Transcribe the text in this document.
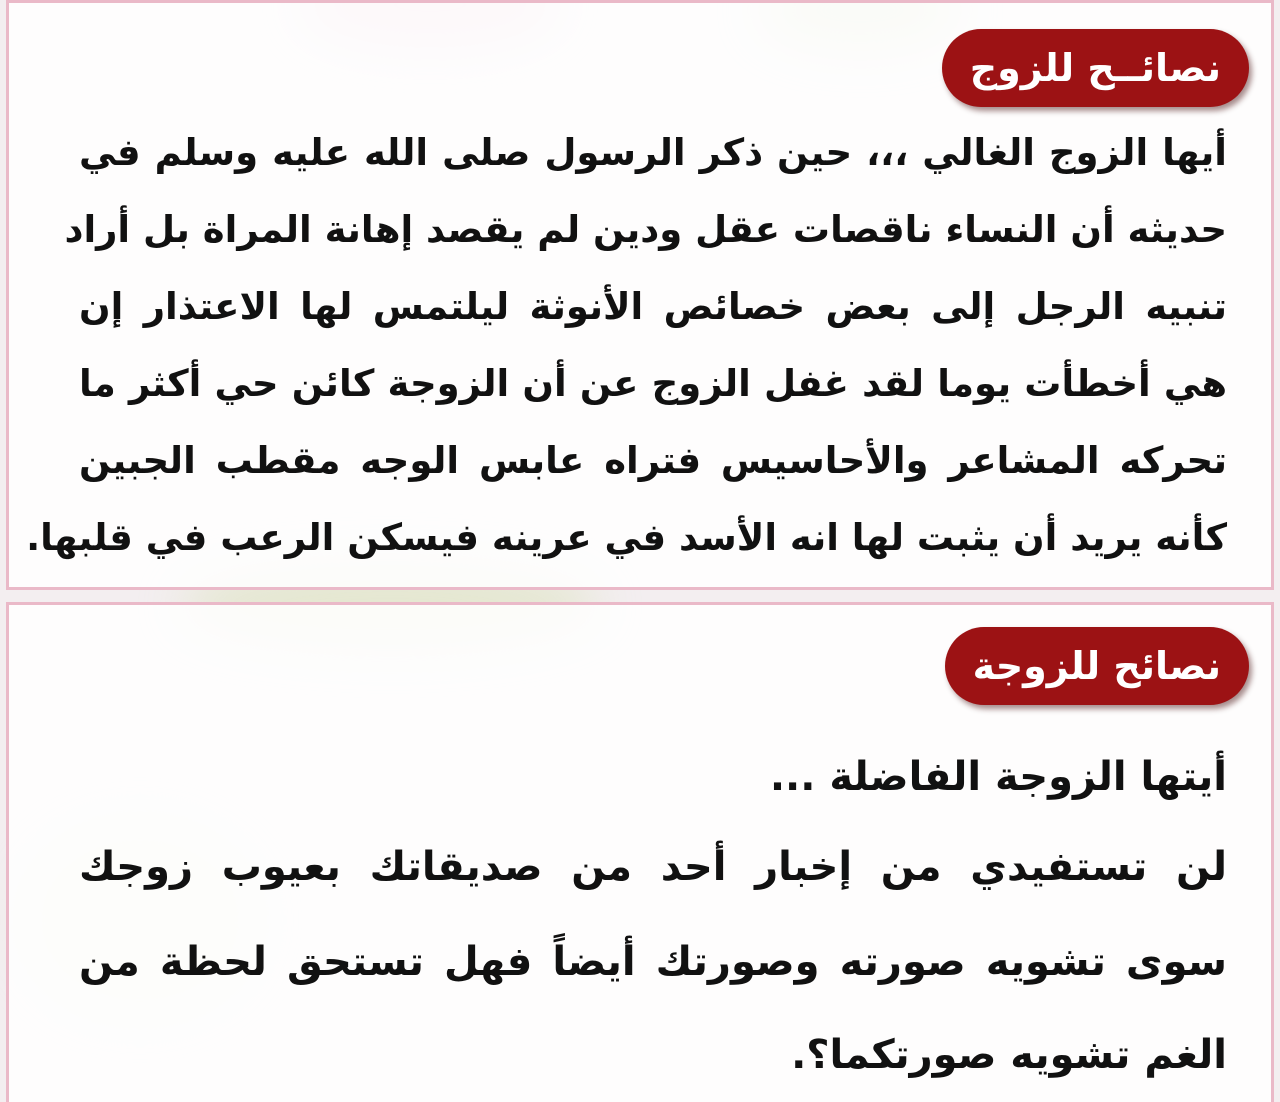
نصائــح للزوج
أيها الزوج الغالي ،،، حين ذكر الرسول صلى الله عليه وسلم في
حديثه أن النساء ناقصات عقل ودين لم يقصد إهانة المراة بل أراد
تنبيه الرجل إلى بعض خصائص الأنوثة ليلتمس لها الاعتذار إن
هي أخطأت يوما لقد غفل الزوج عن أن الزوجة كائن حي أكثر ما
تحركه المشاعر والأحاسيس فتراه عابس الوجه مقطب الجبين
كأنه يريد أن يثبت لها انه الأسد في عرينه فيسكن الرعب في قلبها.
نصائح للزوجة
أيتها الزوجة الفاضلة ...
لن تستفيدي من إخبار أحد من صديقاتك بعيوب زوجك
سوى تشويه صورته وصورتك أيضاً فهل تستحق لحظة من
الغم تشويه صورتكما؟.
